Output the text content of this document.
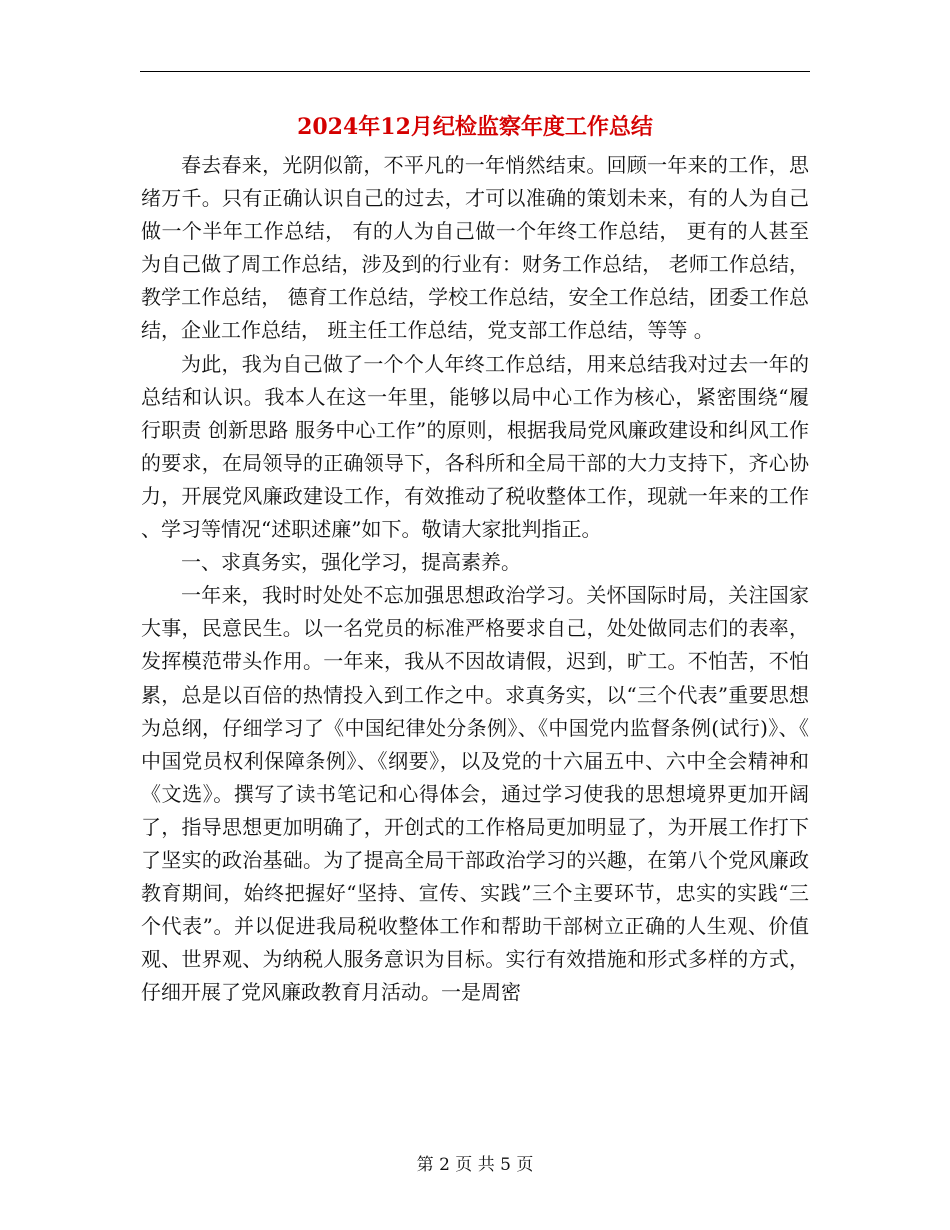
2024年12月纪检监察年度工作总结

春去春来，光阴似箭，不平凡的一年悄然结束。回顾一年来的工作，思绪万千。只有正确认识自己的过去，才可以准确的策划未来，有的人为自己做一个半年工作总结， 有的人为自己做一个年终工作总结， 更有的人甚至为自己做了周工作总结，涉及到的行业有：财务工作总结， 老师工作总结，教学工作总结， 德育工作总结，学校工作总结，安全工作总结，团委工作总结，企业工作总结， 班主任工作总结，党支部工作总结，等等 。

为此，我为自己做了一个个人年终工作总结，用来总结我对过去一年的总结和认识。我本人在这一年里，能够以局中心工作为核心，紧密围绕“履行职责 创新思路 服务中心工作”的原则，根据我局党风廉政建设和纠风工作的要求，在局领导的正确领导下，各科所和全局干部的大力支持下，齐心协力，开展党风廉政建设工作，有效推动了税收整体工作，现就一年来的工作、学习等情况“述职述廉”如下。敬请大家批判指正。

一、求真务实，强化学习，提高素养。

一年来，我时时处处不忘加强思想政治学习。关怀国际时局，关注国家大事，民意民生。以一名党员的标准严格要求自己，处处做同志们的表率，发挥模范带头作用。一年来，我从不因故请假，迟到，旷工。不怕苦，不怕累，总是以百倍的热情投入到工作之中。求真务实，以“三个代表”重要思想为总纲，仔细学习了《中国纪律处分条例》、《中国党内监督条例(试行)》、《中国党员权利保障条例》、《纲要》，以及党的十六届五中、六中全会精神和《文选》。撰写了读书笔记和心得体会，通过学习使我的思想境界更加开阔了，指导思想更加明确了，开创式的工作格局更加明显了，为开展工作打下了坚实的政治基础。为了提高全局干部政治学习的兴趣，在第八个党风廉政教育期间，始终把握好“坚持、宣传、实践”三个主要环节，忠实的实践“三个代表”。并以促进我局税收整体工作和帮助干部树立正确的人生观、价值观、世界观、为纳税人服务意识为目标。实行有效措施和形式多样的方式，仔细开展了党风廉政教育月活动。一是周密

第 2 页 共 5 页
